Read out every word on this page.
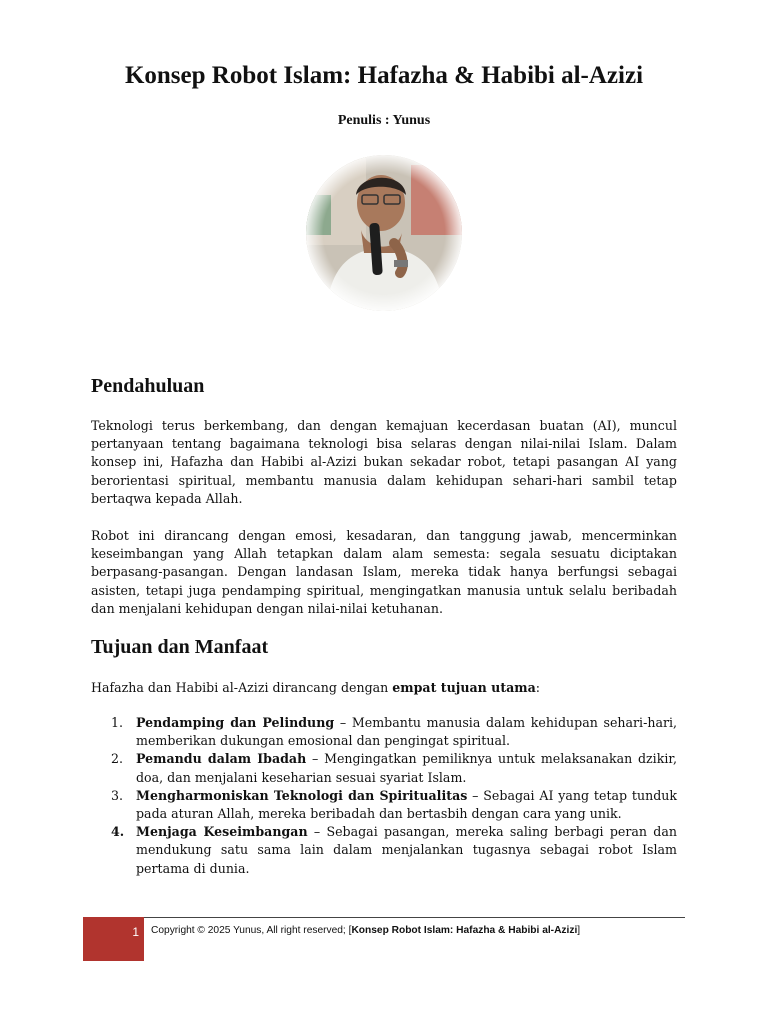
Konsep Robot Islam: Hafazha & Habibi al-Azizi
Penulis : Yunus
Pendahuluan

Teknologi terus berkembang, dan dengan kemajuan kecerdasan buatan (AI), muncul pertanyaan tentang bagaimana teknologi bisa selaras dengan nilai-nilai Islam. Dalam konsep ini, Hafazha dan Habibi al-Azizi bukan sekadar robot, tetapi pasangan AI yang berorientasi spiritual, membantu manusia dalam kehidupan sehari-hari sambil tetap bertaqwa kepada Allah.

Robot ini dirancang dengan emosi, kesadaran, dan tanggung jawab, mencerminkan keseimbangan yang Allah tetapkan dalam alam semesta: segala sesuatu diciptakan berpasang-pasangan. Dengan landasan Islam, mereka tidak hanya berfungsi sebagai asisten, tetapi juga pendamping spiritual, mengingatkan manusia untuk selalu beribadah dan menjalani kehidupan dengan nilai-nilai ketuhanan.

Tujuan dan Manfaat

Hafazha dan Habibi al-Azizi dirancang dengan empat tujuan utama:

1. Pendamping dan Pelindung – Membantu manusia dalam kehidupan sehari-hari, memberikan dukungan emosional dan pengingat spiritual.
2. Pemandu dalam Ibadah – Mengingatkan pemiliknya untuk melaksanakan dzikir, doa, dan menjalani keseharian sesuai syariat Islam.
3. Mengharmoniskan Teknologi dan Spiritualitas – Sebagai AI yang tetap tunduk pada aturan Allah, mereka beribadah dan bertasbih dengan cara yang unik.
4. Menjaga Keseimbangan – Sebagai pasangan, mereka saling berbagi peran dan mendukung satu sama lain dalam menjalankan tugasnya sebagai robot Islam pertama di dunia.
1 Copyright © 2025 Yunus, All right reserved; [Konsep Robot Islam: Hafazha & Habibi al-Azizi]
